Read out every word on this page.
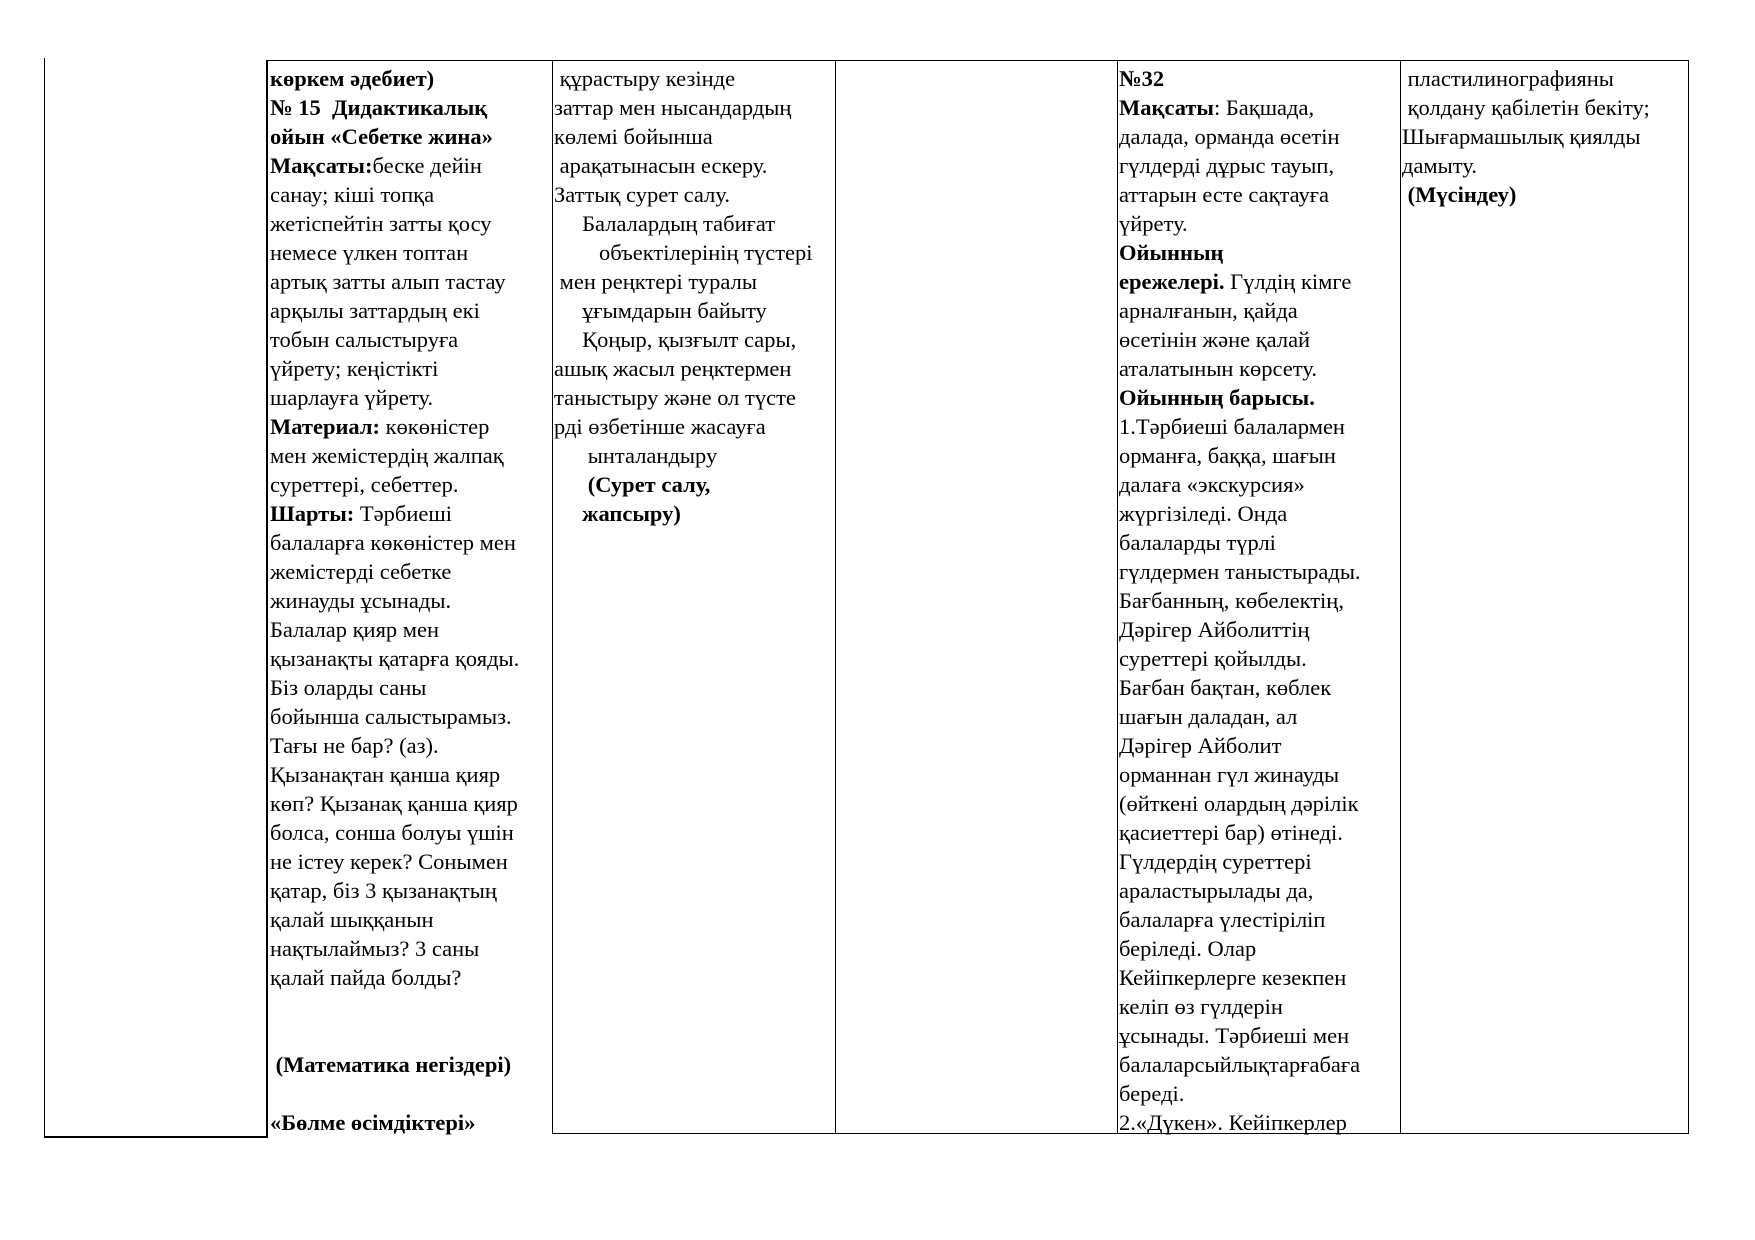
көркем әдебиет)
№ 15  Дидактикалық
ойын «Себетке жина»
Мақсаты:беске дейін
санау; кіші топқа
жетіспейтін затты қосу
немесе үлкен топтан
артық затты алып тастау
арқылы заттардың екі
тобын салыстыруға
үйрету; кеңістікті
шарлауға үйрету.
Материал: көкөністер
мен жемістердің жалпақ
суреттері, себеттер.
Шарты: Тәрбиеші
балаларға көкөністер мен
жемістерді себетке
жинауды ұсынады.
Балалар қияр мен
қызанақты қатарға қояды.
Біз оларды саны
бойынша салыстырамыз.
Тағы не бар? (аз).
Қызанақтан қанша қияр
көп? Қызанақ қанша қияр
болса, сонша болуы үшін
не істеу керек? Сонымен
қатар, біз 3 қызанақтың
қалай шыққанын
нақтылаймыз? 3 саны
қалай пайда болды?
(Математика негіздері)
«Бөлме өсімдіктері»
құрастыру кезінде
заттар мен нысандардың
көлемі бойынша
арақатынасын ескеру.
Заттық сурет салу.
Балалардың табиғат
объектілерінің түстері
мен реңктері туралы
ұғымдарын байыту
Қоңыр, қызғылт сары,
ашық жасыл реңктермен
таныстыру және ол түсте
рді өзбетінше жасауға
ынталандыру
(Сурет салу,
жапсыру)
№32
Мақсаты: Бақшада,
далада, орманда өсетін
гүлдерді дұрыс тауып,
аттарын есте сақтауға
үйрету.
Ойынның
ережелері. Гүлдің кімге
арналғанын, қайда
өсетінін және қалай
аталатынын көрсету.
Ойынның барысы.
1.Тәрбиеші балалармен
орманға, баққа, шағын
далаға «экскурсия»
жүргізіледі. Онда
балаларды түрлі
гүлдермен таныстырады.
Бағбанның, көбелектің,
Дәрігер Айболиттің
суреттері қойылды.
Бағбан бақтан, көблек
шағын даладан, ал
Дәрігер Айболит
орманнан гүл жинауды
(өйткені олардың дәрілік
қасиеттері бар) өтінеді.
Гүлдердің суреттері
араластырылады да,
балаларға үлестіріліп
беріледі. Олар
Кейіпкерлерге кезекпен
келіп өз гүлдерін
ұсынады. Тәрбиеші мен
балаларсыйлықтарғабаға
береді.
2.«Дүкен». Кейіпкерлер
пластилинографияны
қолдану қабілетін бекіту;
Шығармашылық қиялды
дамыту.
(Мүсіндеу)
